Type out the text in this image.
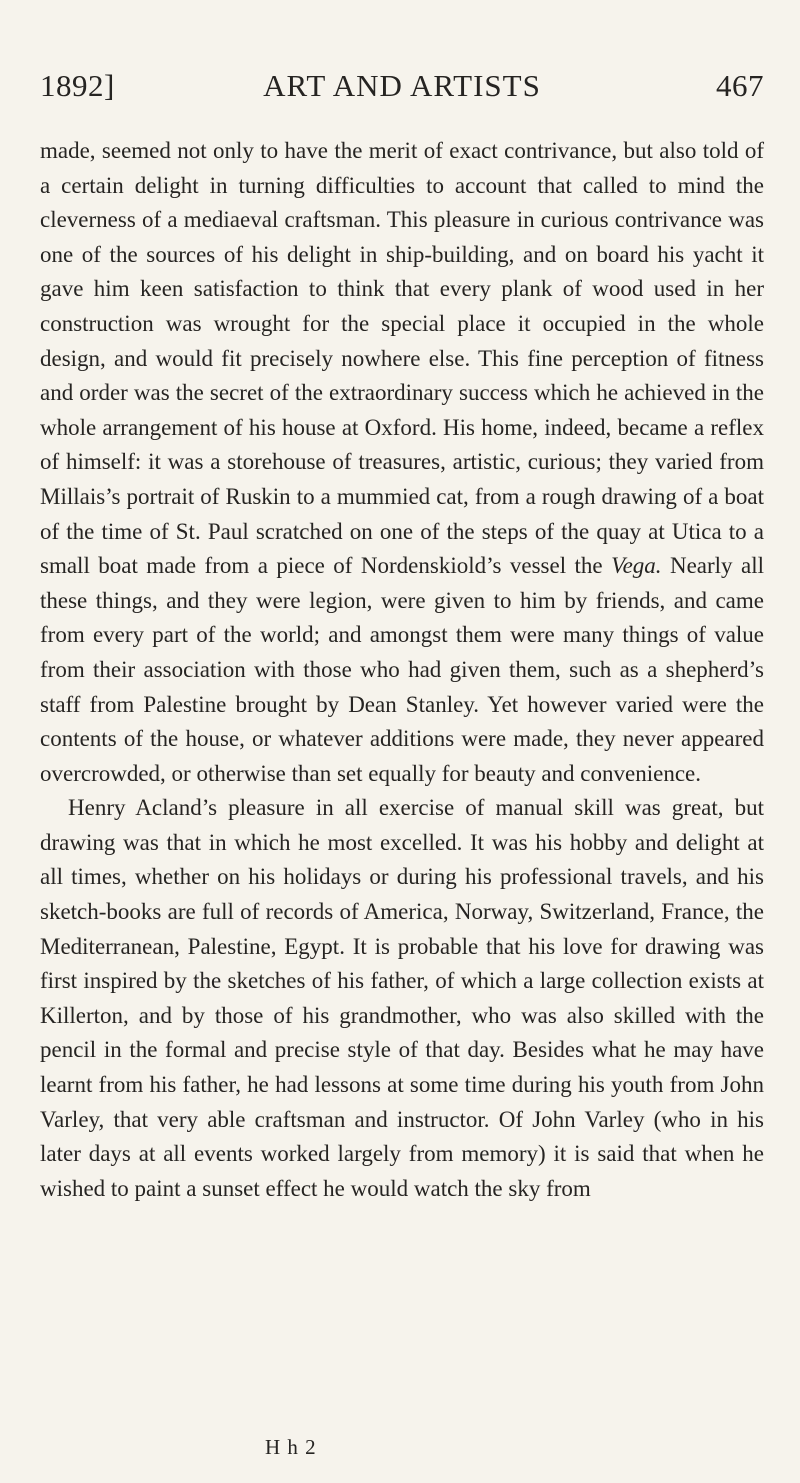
1892]	ART AND ARTISTS	467

made, seemed not only to have the merit of exact contrivance, but also told of a certain delight in turning difficulties to account that called to mind the cleverness of a mediaeval craftsman. This pleasure in curious contrivance was one of the sources of his delight in ship-building, and on board his yacht it gave him keen satisfaction to think that every plank of wood used in her construction was wrought for the special place it occupied in the whole design, and would fit precisely nowhere else. This fine perception of fitness and order was the secret of the extraordinary success which he achieved in the whole arrangement of his house at Oxford. His home, indeed, became a reflex of himself: it was a storehouse of treasures, artistic, curious; they varied from Millais’s portrait of Ruskin to a mummied cat, from a rough drawing of a boat of the time of St. Paul scratched on one of the steps of the quay at Utica to a small boat made from a piece of Nordenskiold’s vessel the Vega. Nearly all these things, and they were legion, were given to him by friends, and came from every part of the world; and amongst them were many things of value from their association with those who had given them, such as a shepherd’s staff from Palestine brought by Dean Stanley. Yet however varied were the contents of the house, or whatever additions were made, they never appeared overcrowded, or otherwise than set equally for beauty and convenience.

Henry Acland’s pleasure in all exercise of manual skill was great, but drawing was that in which he most excelled. It was his hobby and delight at all times, whether on his holidays or during his professional travels, and his sketch-books are full of records of America, Norway, Switzerland, France, the Mediterranean, Palestine, Egypt. It is probable that his love for drawing was first inspired by the sketches of his father, of which a large collection exists at Killerton, and by those of his grandmother, who was also skilled with the pencil in the formal and precise style of that day. Besides what he may have learnt from his father, he had lessons at some time during his youth from John Varley, that very able craftsman and instructor. Of John Varley (who in his later days at all events worked largely from memory) it is said that when he wished to paint a sunset effect he would watch the sky from

H h 2
